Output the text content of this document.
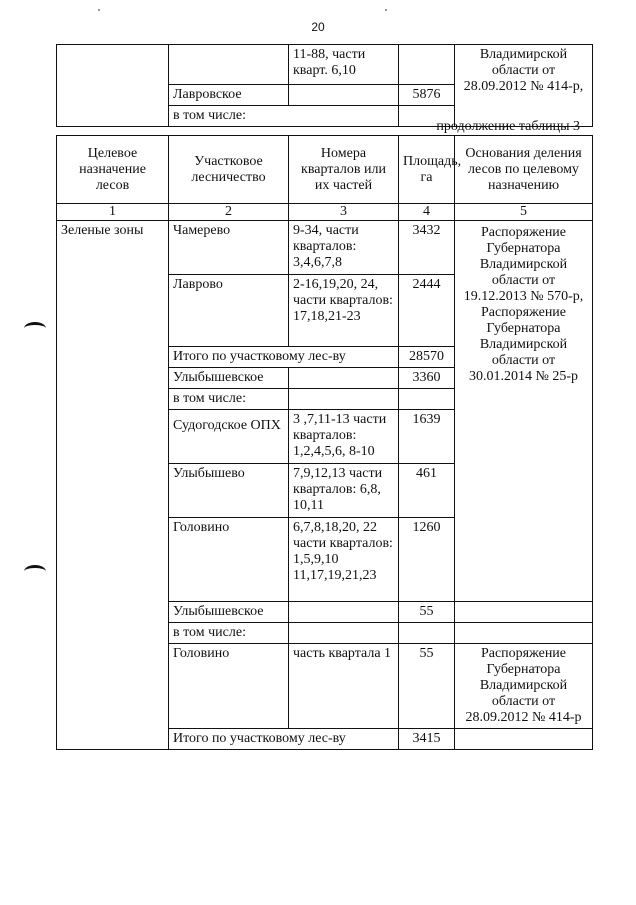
20
		11-88, части кварт. 6,10		Владимирской области от 28.09.2012 № 414-р,
	Лавровское		5876	
	в том числе:			
продолжение таблицы 3
Целевое назначение лесов	Участковое лесничество	Номера кварталов или их частей	Площадь, га	Основания деления лесов по целевому назначению
1	2	3	4	5
Зеленые зоны	Чамерево	9-34, части кварталов: 3,4,6,7,8	3432	Распоряжение Губернатора Владимирской области от 19.12.2013 № 570-р, Распоряжение Губернатора Владимирской области от 30.01.2014 № 25-р
	Лаврово	2-16,19,20, 24, части кварталов: 17,18,21-23	2444	
	Итого по участковому лес-ву		28570	
	Улыбышевское		3360	
	в том числе:			
	Судогодское ОПХ	3 ,7,11-13 части кварталов: 1,2,4,5,6, 8-10	1639	
	Улыбышево	7,9,12,13 части кварталов: 6,8, 10,11	461	
	Головино	6,7,8,18,20, 22 части кварталов: 1,5,9,10 11,17,19,21,23	1260	
	Улыбышевское		55	
	в том числе:			
	Головино	часть квартала 1	55	Распоряжение Губернатора Владимирской области от 28.09.2012 № 414-р
	Итого по участковому лес-ву		3415	
